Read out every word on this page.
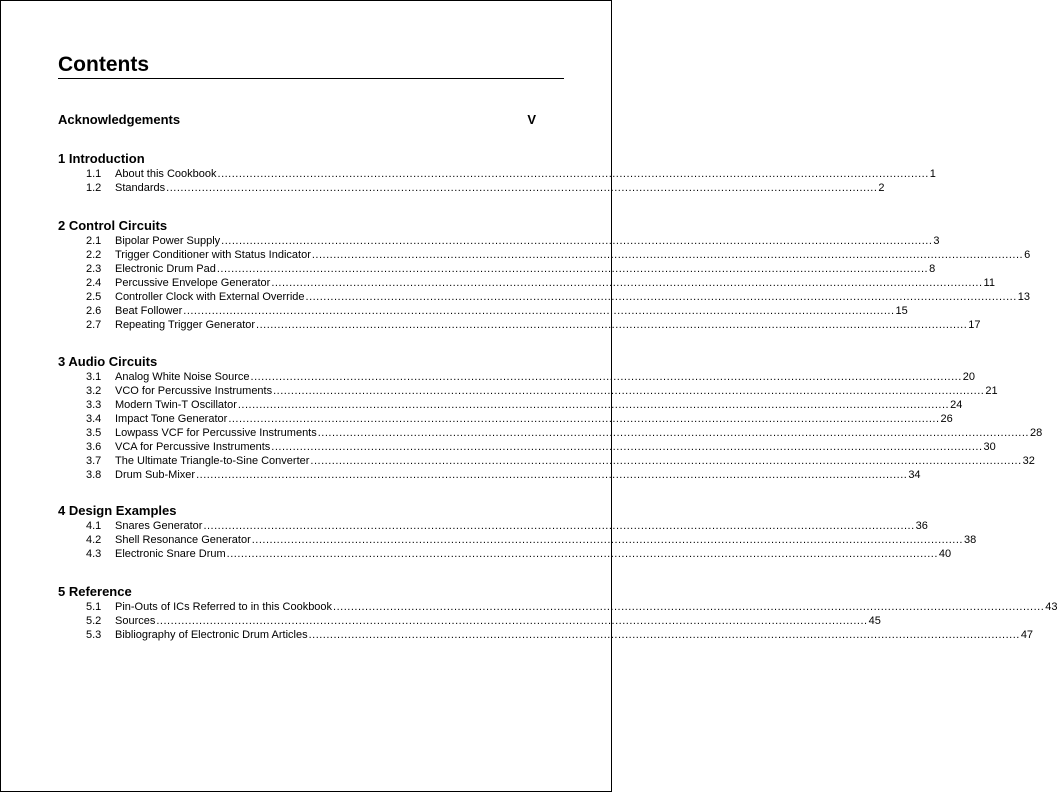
Contents
Acknowledgements	V
1 Introduction
1.1	About this Cookbook ........................................................................................................................................................................................................ 1
1.2	Standards ........................................................................................................................................................................................................ 2
2 Control Circuits
2.1	Bipolar Power Supply ........................................................................................................................................................................................................ 3
2.2	Trigger Conditioner with Status Indicator ........................................................................................................................................................................................................ 6
2.3	Electronic Drum Pad ........................................................................................................................................................................................................ 8
2.4	Percussive Envelope Generator ........................................................................................................................................................................................................ 11
2.5	Controller Clock with External Override ........................................................................................................................................................................................................ 13
2.6	Beat Follower ........................................................................................................................................................................................................ 15
2.7	Repeating Trigger Generator ........................................................................................................................................................................................................ 17
3 Audio Circuits
3.1	Analog White Noise Source ........................................................................................................................................................................................................ 20
3.2	VCO for Percussive Instruments ........................................................................................................................................................................................................ 21
3.3	Modern Twin-T Oscillator ........................................................................................................................................................................................................ 24
3.4	Impact Tone Generator ........................................................................................................................................................................................................ 26
3.5	Lowpass VCF for Percussive Instruments ........................................................................................................................................................................................................ 28
3.6	VCA for Percussive Instruments ........................................................................................................................................................................................................ 30
3.7	The Ultimate Triangle-to-Sine Converter ........................................................................................................................................................................................................ 32
3.8	Drum Sub-Mixer ........................................................................................................................................................................................................ 34
4 Design Examples
4.1	Snares Generator ........................................................................................................................................................................................................ 36
4.2	Shell Resonance Generator ........................................................................................................................................................................................................ 38
4.3	Electronic Snare Drum ........................................................................................................................................................................................................ 40
5 Reference
5.1	Pin-Outs of ICs Referred to in this Cookbook ........................................................................................................................................................................................................ 43
5.2	Sources ........................................................................................................................................................................................................ 45
5.3	Bibliography of Electronic Drum Articles ........................................................................................................................................................................................................ 47
